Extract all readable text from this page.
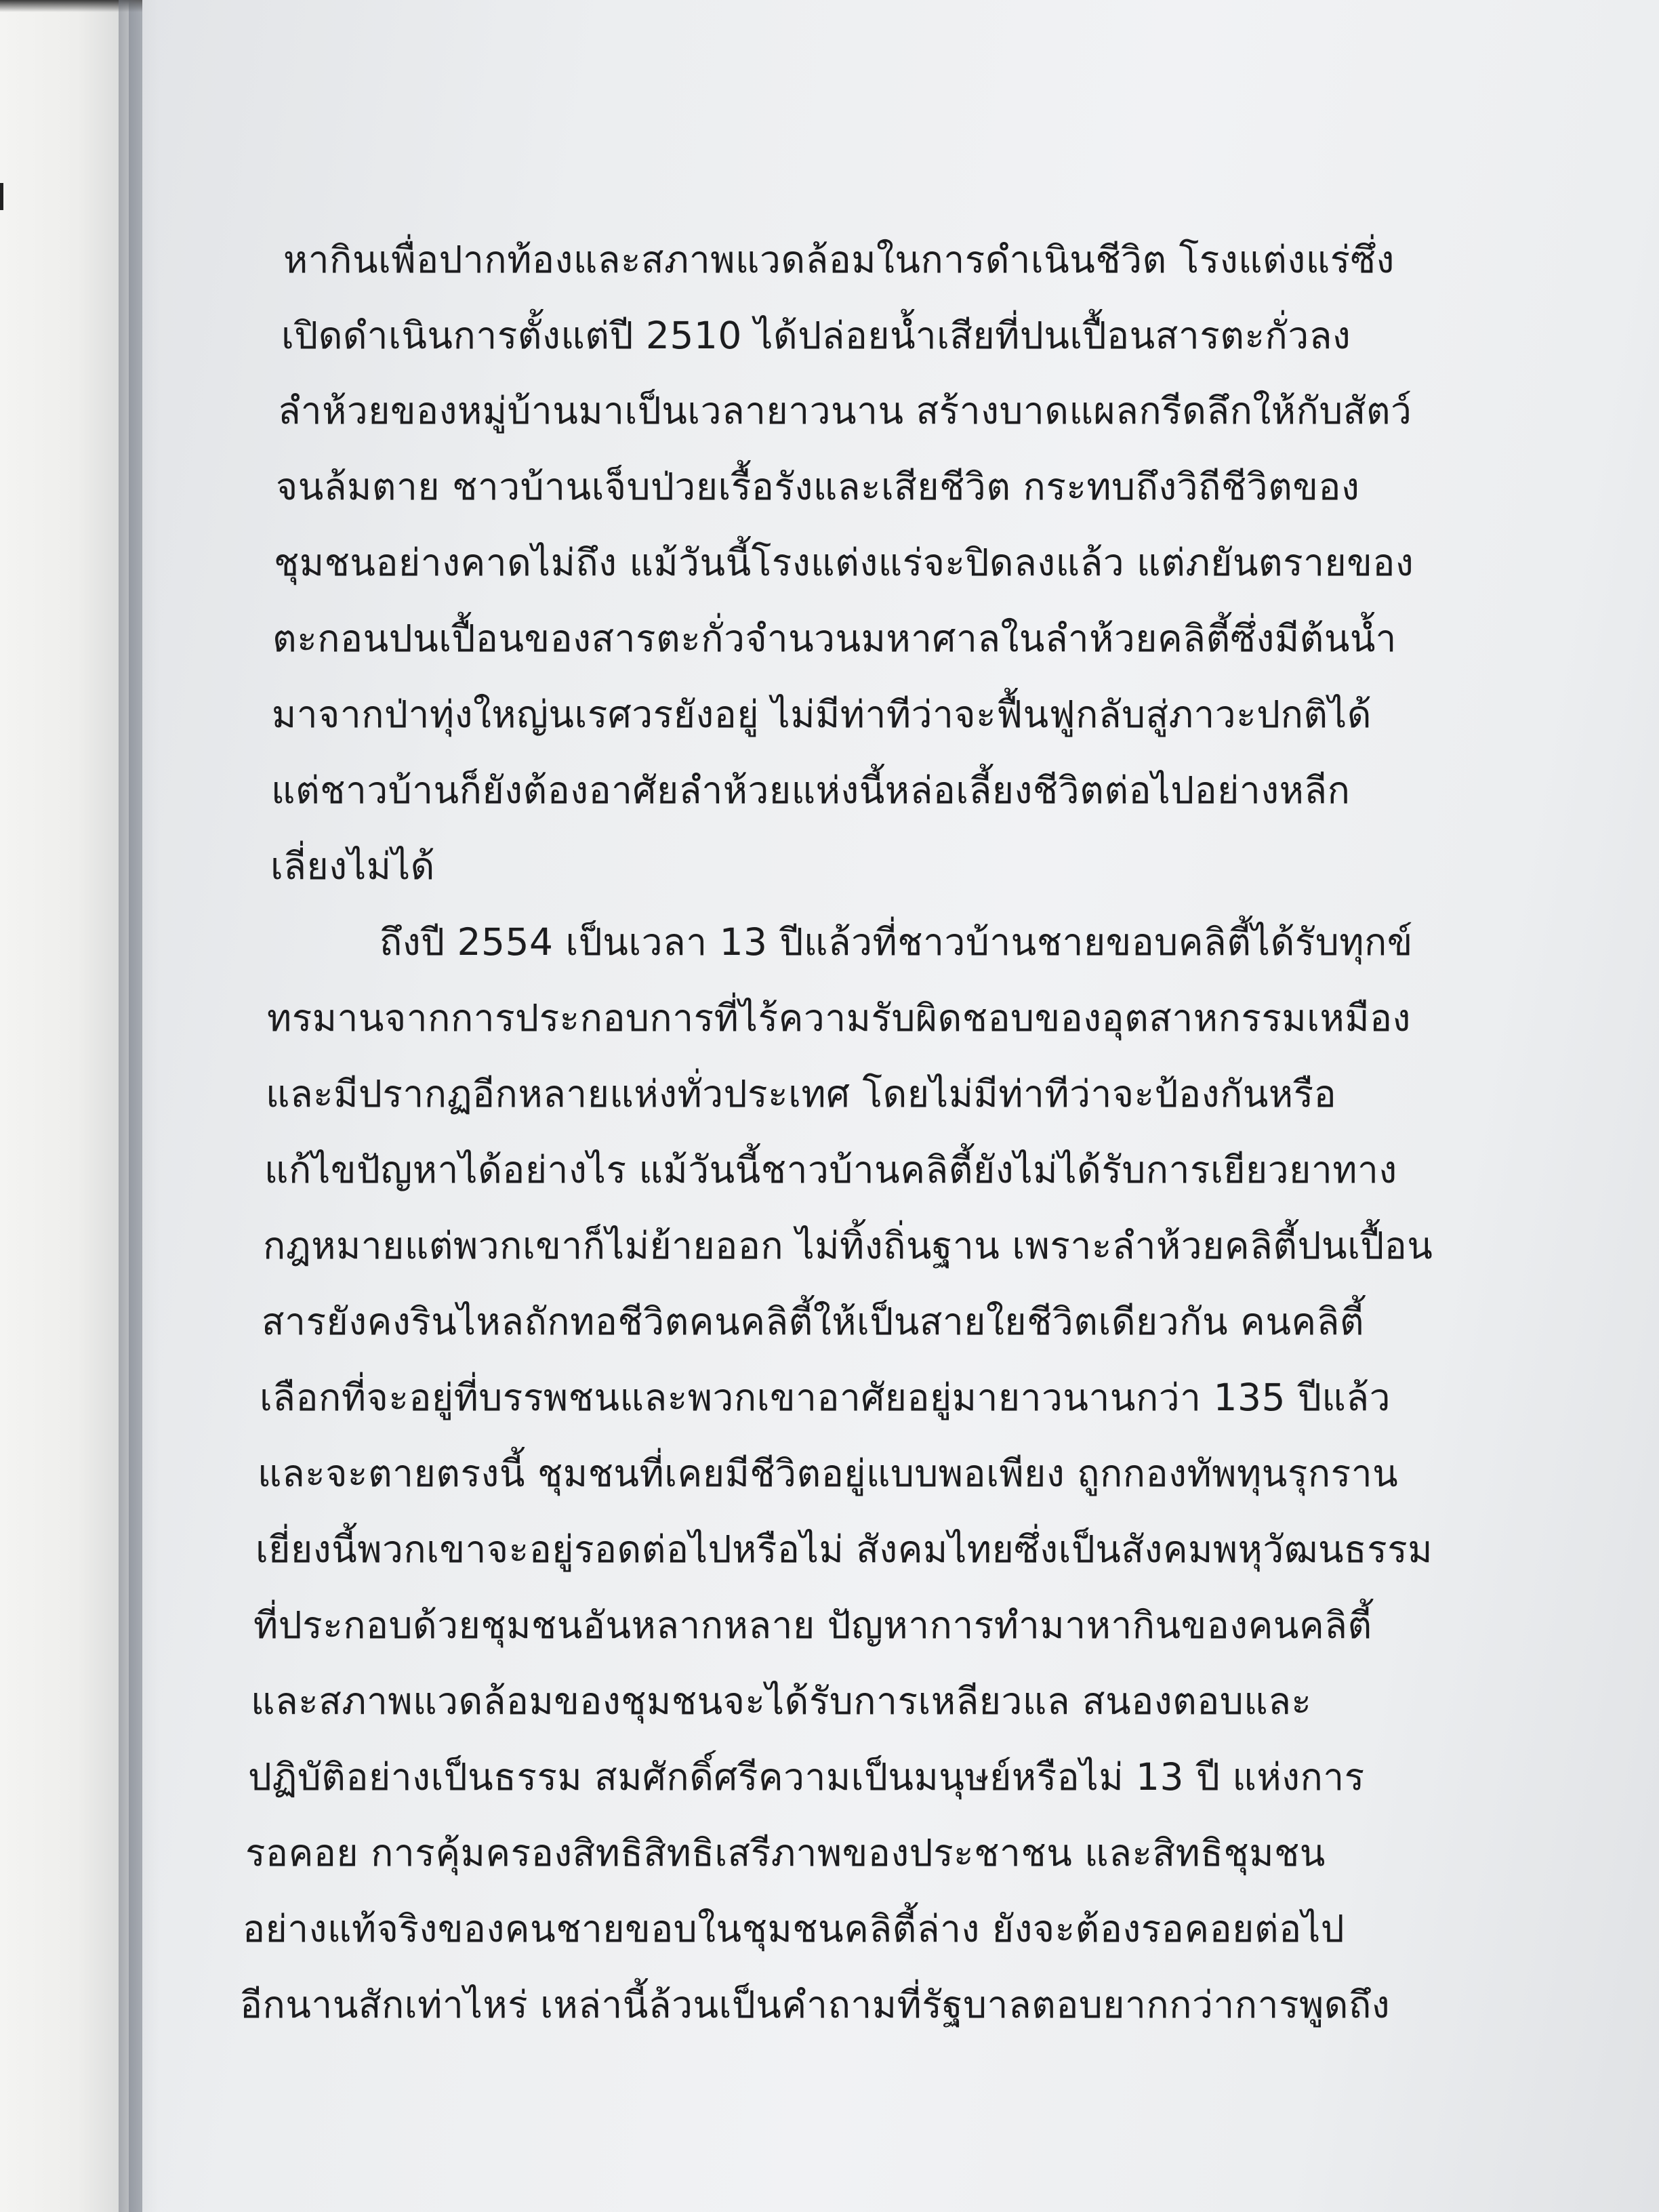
หากินเพื่อปากท้องและสภาพแวดล้อมในการดำเนินชีวิต โรงแต่งแร่ซึ่ง
เปิดดำเนินการตั้งแต่ปี 2510 ได้ปล่อยน้ำเสียที่ปนเปื้อนสารตะกั่วลง
ลำห้วยของหมู่บ้านมาเป็นเวลายาวนาน สร้างบาดแผลกรีดลึกให้กับสัตว์
จนล้มตาย ชาวบ้านเจ็บป่วยเรื้อรังและเสียชีวิต กระทบถึงวิถีชีวิตของ
ชุมชนอย่างคาดไม่ถึง แม้วันนี้โรงแต่งแร่จะปิดลงแล้ว แต่ภยันตรายของ
ตะกอนปนเปื้อนของสารตะกั่วจำนวนมหาศาลในลำห้วยคลิตี้ซึ่งมีต้นน้ำ
มาจากป่าทุ่งใหญ่นเรศวรยังอยู่ ไม่มีท่าทีว่าจะฟื้นฟูกลับสู่ภาวะปกติได้
แต่ชาวบ้านก็ยังต้องอาศัยลำห้วยแห่งนี้หล่อเลี้ยงชีวิตต่อไปอย่างหลีก
เลี่ยงไม่ได้
ถึงปี 2554 เป็นเวลา 13 ปีแล้วที่ชาวบ้านชายขอบคลิตี้ได้รับทุกข์
ทรมานจากการประกอบการที่ไร้ความรับผิดชอบของอุตสาหกรรมเหมือง
และมีปรากฏอีกหลายแห่งทั่วประเทศ โดยไม่มีท่าทีว่าจะป้องกันหรือ
แก้ไขปัญหาได้อย่างไร แม้วันนี้ชาวบ้านคลิตี้ยังไม่ได้รับการเยียวยาทาง
กฎหมายแต่พวกเขาก็ไม่ย้ายออก ไม่ทิ้งถิ่นฐาน เพราะลำห้วยคลิตี้ปนเปื้อน
สารยังคงรินไหลถักทอชีวิตคนคลิตี้ให้เป็นสายใยชีวิตเดียวกัน คนคลิตี้
เลือกที่จะอยู่ที่บรรพชนและพวกเขาอาศัยอยู่มายาวนานกว่า 135 ปีแล้ว
และจะตายตรงนี้ ชุมชนที่เคยมีชีวิตอยู่แบบพอเพียง ถูกกองทัพทุนรุกราน
เยี่ยงนี้พวกเขาจะอยู่รอดต่อไปหรือไม่ สังคมไทยซึ่งเป็นสังคมพหุวัฒนธรรม
ที่ประกอบด้วยชุมชนอันหลากหลาย ปัญหาการทำมาหากินของคนคลิตี้
และสภาพแวดล้อมของชุมชนจะได้รับการเหลียวแล สนองตอบและ
ปฏิบัติอย่างเป็นธรรม สมศักดิ์ศรีความเป็นมนุษย์หรือไม่ 13 ปี แห่งการ
รอคอย การคุ้มครองสิทธิสิทธิเสรีภาพของประชาชน และสิทธิชุมชน
อย่างแท้จริงของคนชายขอบในชุมชนคลิตี้ล่าง ยังจะต้องรอคอยต่อไป
อีกนานสักเท่าไหร่ เหล่านี้ล้วนเป็นคำถามที่รัฐบาลตอบยากกว่าการพูดถึง
